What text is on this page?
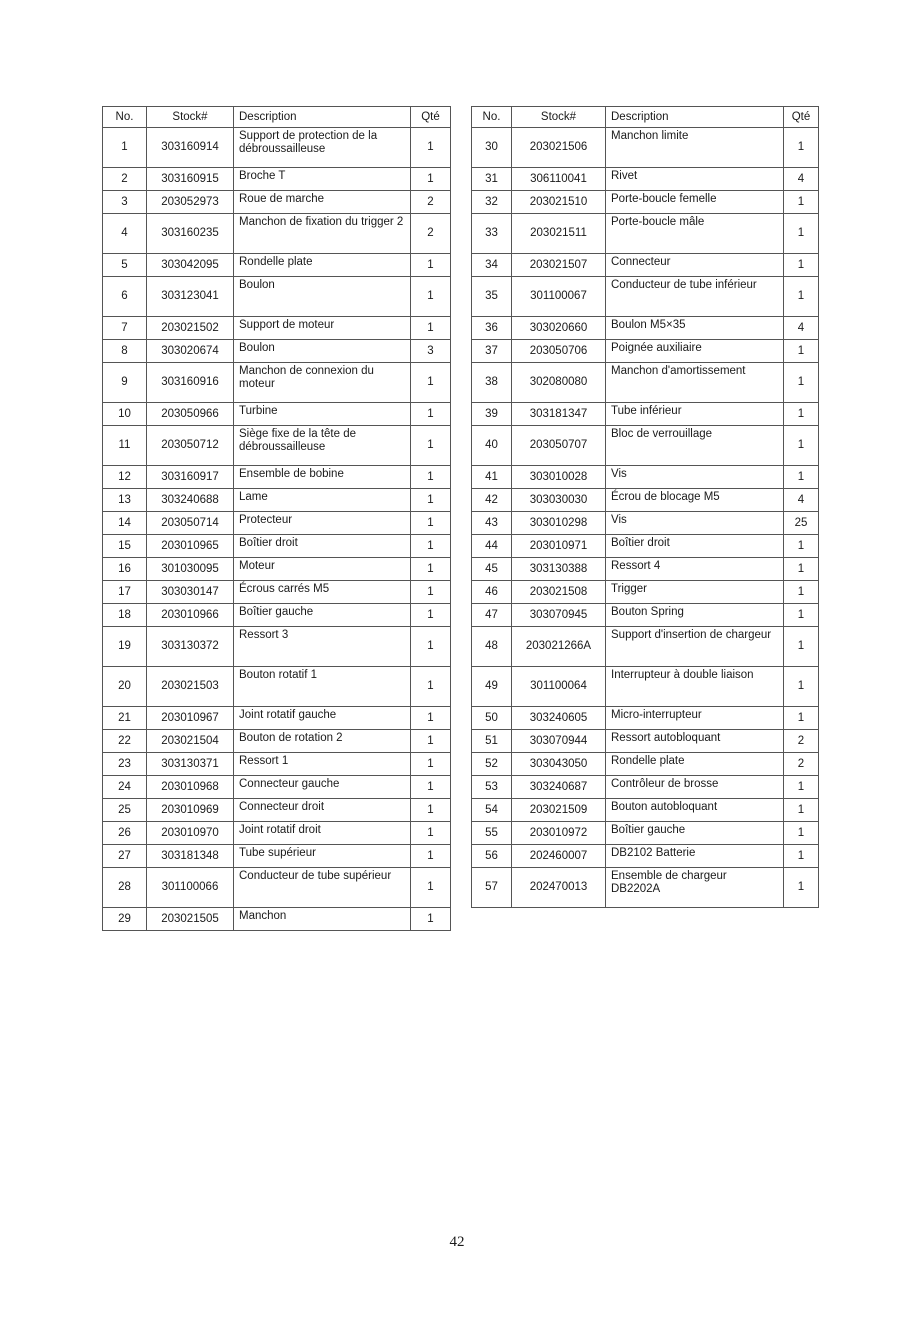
No.	Stock#	Description	Qté
1	303160914	Support de protection de la débroussailleuse	1
2	303160915	Broche T	1
3	203052973	Roue de marche	2
4	303160235	Manchon de fixation du trigger 2	2
5	303042095	Rondelle plate	1
6	303123041	Boulon	1
7	203021502	Support de moteur	1
8	303020674	Boulon	3
9	303160916	Manchon de connexion du moteur	1
10	203050966	Turbine	1
11	203050712	Siège fixe de la tête de débroussailleuse	1
12	303160917	Ensemble de bobine	1
13	303240688	Lame	1
14	203050714	Protecteur	1
15	203010965	Boîtier droit	1
16	301030095	Moteur	1
17	303030147	Écrous carrés M5	1
18	203010966	Boîtier gauche	1
19	303130372	Ressort 3	1
20	203021503	Bouton rotatif 1	1
21	203010967	Joint rotatif gauche	1
22	203021504	Bouton de rotation 2	1
23	303130371	Ressort 1	1
24	203010968	Connecteur gauche	1
25	203010969	Connecteur droit	1
26	203010970	Joint rotatif droit	1
27	303181348	Tube supérieur	1
28	301100066	Conducteur de tube supérieur	1
29	203021505	Manchon	1
No.	Stock#	Description	Qté
30	203021506	Manchon limite	1
31	306110041	Rivet	4
32	203021510	Porte-boucle femelle	1
33	203021511	Porte-boucle mâle	1
34	203021507	Connecteur	1
35	301100067	Conducteur de tube inférieur	1
36	303020660	Boulon M5×35	4
37	203050706	Poignée auxiliaire	1
38	302080080	Manchon d'amortissement	1
39	303181347	Tube inférieur	1
40	203050707	Bloc de verrouillage	1
41	303010028	Vis	1
42	303030030	Écrou de blocage M5	4
43	303010298	Vis	25
44	203010971	Boîtier droit	1
45	303130388	Ressort 4	1
46	203021508	Trigger	1
47	303070945	Bouton Spring	1
48	203021266A	Support d'insertion de chargeur	1
49	301100064	Interrupteur à double liaison	1
50	303240605	Micro-interrupteur	1
51	303070944	Ressort autobloquant	2
52	303043050	Rondelle plate	2
53	303240687	Contrôleur de brosse	1
54	203021509	Bouton autobloquant	1
55	203010972	Boîtier gauche	1
56	202460007	DB2102 Batterie	1
57	202470013	Ensemble de chargeur DB2202A	1
42
